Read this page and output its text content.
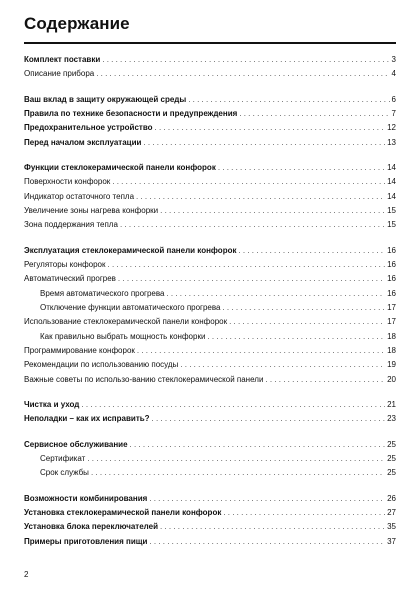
Содержание
Комплект поставки . . .	3
Описание прибора . . .	4
Ваш вклад в защиту окружающей среды . . .	6
Правила по технике безопасности и предупреждения . . .	7
Предохранительное устройство . . .	12
Перед началом эксплуатации . . .	13
Функции стеклокерамической панели конфорок . . .	14
Поверхности конфорок . . .	14
Индикатор остаточного тепла . . .	14
Увеличение зоны нагрева конфорки . . .	15
Зона поддержания тепла . . .	15
Эксплуатация стеклокерамической панели конфорок . . .	16
Регуляторы конфорок . . .	16
Автоматический прогрев . . .	16
Время автоматического прогрева . . .	16
Отключение функции автоматического прогрева . . .	17
Использование стеклокерамической панели конфорок . . .	17
Как правильно выбрать мощность конфорки . . .	18
Программирование конфорок . . .	18
Рекомендации по использованию посуды . . .	19
Важные советы по использо-ванию стеклокерамической панели . . .	20
Чистка и уход . . .	21
Неполадки – как их исправить? . . .	23
Сервисное обслуживание . . .	25
Сертификат . . .	25
Срок службы . . .	25
Возможности комбинирования . . .	26
Установка стеклокерамической панели конфорок . . .	27
Установка блока переключателей . . .	35
Примеры приготовления пищи . . .	37
2
